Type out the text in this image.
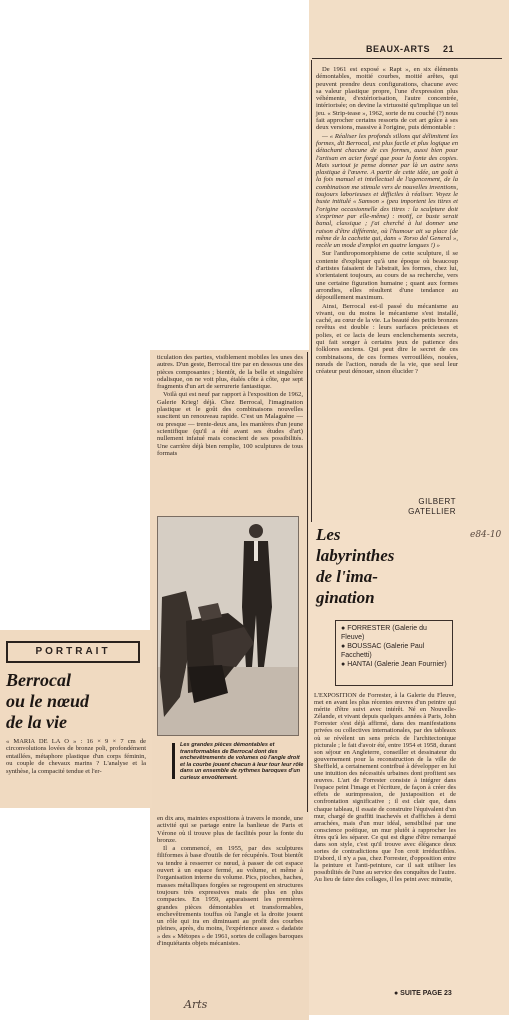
BEAUX-ARTS 21

De 1961 est exposé « Rapt », en six éléments démontables, moitié courbes, moitié arêtes, qui peuvent prendre deux configurations, chacune avec sa valeur plastique propre, l'une d'expression plus véhémente, d'extériorisation, l'autre concentrée, intériorisée; on devine la virtuosité qu'implique un tel jeu. « Strip-tease », 1962, sorte de nu couché (?) nous fait approcher certains ressorts de cet art grâce à ses deux versions, massive à l'origine, puis démontable :

— « Réaliser les profonds sillons qui délimitent les formes, dit Berrocal, est plus facile et plus logique en détachant chacune de ces formes, aussi bien pour l'artisan en acier forgé que pour la fonte des copies. Mais surtout je pense donner par là un autre sens plastique à l'œuvre. A partir de cette idée, un goût à la fois manuel et intellectuel de l'agencement, de la combinaison me stimule vers de nouvelles inventions, toujours laborieuses et difficiles à réaliser. Voyez le buste intitulé « Samson » (peu importent les titres et l'origine occasionnelle des titres : la sculpture doit s'exprimer par elle-même) : motif, ce buste serait banal, classique ; j'ai cherché à lui donner une raison d'être différente, où l'humour ait sa place (de même de la cachette qui, dans « Torso del General », recèle un mode d'emploi en quatre langues !) »

Sur l'anthropomorphisme de cette sculpture, il se contente d'expliquer qu'à une époque où beaucoup d'artistes faisaient de l'abstrait, les formes, chez lui, s'orientaient toujours, au cours de sa recherche, vers une certaine figuration humaine ; quant aux formes arrondies, elles résultent d'une tendance au dépouillement maximum.

Ainsi, Berrocal est-il passé du mécanisme au vivant, ou du moins le mécanisme s'est installé, caché, au cœur de la vie. La beauté des petits bronzes revêtus est double : leurs surfaces précieuses et polies, et ce lacis de leurs enclenchements secrets, qui fait songer à certains jeux de patience des folklores anciens. Qui peut dire le secret de ces combinaisons, de ces formes verrouillées, nouées, nœuds de l'action, nœuds de la vie, que seul leur créateur peut dénouer, sinon élucider ?

GILBERT
GATELLIER
e84-10
Les
labyrinthes
de l'ima-
gination
● FORRESTER (Galerie du Fleuve)
● BOUSSAC (Galerie Paul Facchetti)
● HANTAI (Galerie Jean Fournier)

L'EXPOSITION de Forrester, à la Galerie du Fleuve, met en avant les plus récentes œuvres d'un peintre qui mérite d'être suivi avec intérêt. Né en Nouvelle-Zélande, et vivant depuis quelques années à Paris, John Forrester s'est déjà affirmé, dans des manifestations privées ou collectives internationales, par des tableaux où se révèlent un sens précis de l'architectonique picturale ; le fait d'avoir été, entre 1954 et 1958, durant son séjour en Angleterre, conseiller et dessinateur du gouvernement pour la reconstruction de la ville de Sheffield, a certainement contribué à développer en lui une intuition des nécessités urbaines dont profitent ses œuvres. L'art de Forrester consiste à intégrer dans l'espace peint l'image et l'écriture, de façon à créer des effets de surimpression, de juxtaposition et de confrontation significative ; il est clair que, dans chaque tableau, il essaie de construire l'équivalent d'un mur, chargé de graffiti inachevés et d'affiches à demi arrachées, mais d'un mur idéal, sensibilisé par une conscience poétique, un mur plutôt à rapprocher les êtres qu'à les séparer. Ce qui est digne d'être remarqué dans son style, c'est qu'il trouve avec élégance deux sortes de contradictions que l'on croit irréductibles. D'abord, il n'y a pas, chez Forrester, d'opposition entre la peinture et l'anti-peinture, car il sait utiliser les possibilités de l'une au service des conquêtes de l'autre. Au lieu de faire des collages, il les peint avec minutie,

● SUITE PAGE 23

ticulation des parties, visiblement mobiles les unes des autres. D'un geste, Berrocal tire par en dessous une des pièces composantes ; bientôt, de la belle et singulière odalisque, on ne voit plus, étalés côte à côte, que sept fragments d'un art de serrurerie fantastique.

Voilà qui est neuf par rapport à l'exposition de 1962, Galerie Krieg! déjà. Chez Berrocal, l'imagination plastique et le goût des combinaisons nouvelles suscitent un renouveau rapide. C'est un Malaguène — ou presque — trente-deux ans, les manières d'un jeune scientifique (qu'il a été avant ses études d'art) nullement infatué mais conscient de ses possibilités. Une carrière déjà bien remplie, 100 sculptures de tous formats

Les grandes pièces démontables et transformables de Berrocal dont des enchevêtrements de volumes où l'angle droit et la courbe jouent chacun à leur tour leur rôle dans un ensemble de rythmes baroques d'un curieux envoûtement.

en dix ans, maintes expositions à travers le monde, une activité qui se partage entre la banlieue de Paris et Vérone où il trouve plus de facilités pour la fonte du bronze.

Il a commencé, en 1955, par des sculptures filiformes à base d'outils de fer récupérés. Tout bientôt va tendre à resserrer ce nœud, à passer de cet espace ouvert à un espace fermé, au volume, et même à l'organisation interne du volume. Pics, pioches, haches, masses métalliques forgées se regroupent en structures toujours très expressives mais de plus en plus compactes. En 1959, apparaissent les premières grandes pièces démontables et transformables, enchevêtrements touffus où l'angle et la droite jouent un rôle qui ira en diminuant au profit des courbes pleines, après, du moins, l'expérience assez « dadaïste » des « Métopes » de 1961, sortes de collages baroques d'inquiétants objets mécanistes.

PORTRAIT
Berrocal
ou le nœud
de la vie

« MARIA DE LA O » : 16 × 9 × 7 cm de circonvolutions lovées de bronze poli, profondément entaillées, métaphore plastique d'un corps féminin, ou couple de chevaux marins ? L'analyse et la synthèse, la compacité tendue et l'er-

Arts
